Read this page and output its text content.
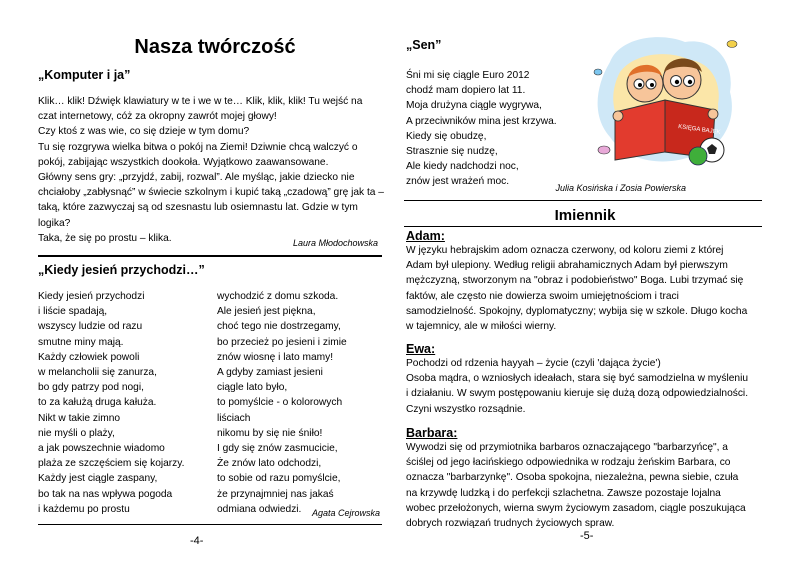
Nasza twórczość
„Komputer i ja”
Klik… klik! Dźwięk klawiatury w te i we w te… Klik, klik, klik! Tu wejść na
czat internetowy, cóż za okropny zawrót mojej głowy!
Czy ktoś z was wie, co się dzieje w tym domu?
Tu się rozgrywa wielka bitwa o pokój na Ziemi! Dziwnie chcą walczyć o
pokój, zabijając wszystkich dookoła. Wyjątkowo zaawansowane.
Główny sens gry: „przyjdź, zabij, rozwal”. Ale myśląc, jakie dziecko nie
chciałoby „zabłysnąć” w świecie szkolnym i kupić taką „czadową” grę jak ta –
taką, które zazwyczaj są od szesnastu lub osiemnastu lat. Gdzie w tym
logika?
Taka, że się po prostu – klika.	Laura Młodochowska
„Kiedy jesień przychodzi…”
Kiedy jesień przychodzi
i liście spadają,
wszyscy ludzie od razu
smutne miny mają.
Każdy człowiek powoli
w melancholii się zanurza,
bo gdy patrzy pod nogi,
to za kałużą druga kałuża.
Nikt w takie zimno
nie myśli o plaży,
a jak powszechnie wiadomo
plaża ze szczęściem się kojarzy.
Każdy jest ciągle zaspany,
bo tak na nas wpływa pogoda
i każdemu po prostu
wychodzić z domu szkoda.
Ale jesień jest piękna,
choć tego nie dostrzegamy,
bo przecież po jesieni i zimie
znów wiosnę i lato mamy!
A gdyby zamiast jesieni
ciągle lato było,
to pomyślcie - o kolorowych
liściach
nikomu by się nie śniło!
I gdy się znów zasmucicie,
Że znów lato odchodzi,
to sobie od razu pomyślcie,
że przynajmniej nas jakaś
odmiana odwiedzi.	Agata Cejrowska
-4-
„Sen”
Śni mi się ciągle Euro 2012
chodź mam dopiero lat 11.
Moja drużyna ciągle wygrywa,
A przeciwników mina jest krzywa.
Kiedy się obudzę,
Strasznie się nudzę,
Ale kiedy nadchodzi noc,
znów jest wrażeń moc.
KSIĘGA BAJEK
Julia Kosińska i Zosia Powierska
Imiennik
Adam:
W języku hebrajskim adom oznacza czerwony, od koloru ziemi z której
Adam był ulepiony. Według religii abrahamicznych Adam był pierwszym
mężczyzną, stworzonym na "obraz i podobieństwo" Boga. Lubi trzymać się
faktów, ale często nie dowierza swoim umiejętnościom i traci
samodzielność. Spokojny, dyplomatyczny; wybija się w szkole. Długo kocha
w tajemnicy, ale w miłości wierny.
Ewa:
Pochodzi od rdzenia hayyah – życie (czyli 'dająca życie')
Osoba mądra, o wzniosłych ideałach, stara się być samodzielna w myśleniu
i działaniu. W swym postępowaniu kieruje się dużą dozą odpowiedzialności.
Czyni wszystko rozsądnie.
Barbara:
Wywodzi się od przymiotnika barbaros oznaczającego "barbarzyńcę", a
ściślej od jego łacińskiego odpowiednika w rodzaju żeńskim Barbara, co
oznacza "barbarzynkę". Osoba spokojna, niezależna, pewna siebie, czuła
na krzywdę ludzką i do perfekcji szlachetna. Zawsze pozostaje lojalna
wobec przełożonych, wierna swym życiowym zasadom, ciągle poszukująca
dobrych rozwiązań trudnych życiowych spraw.
-5-
